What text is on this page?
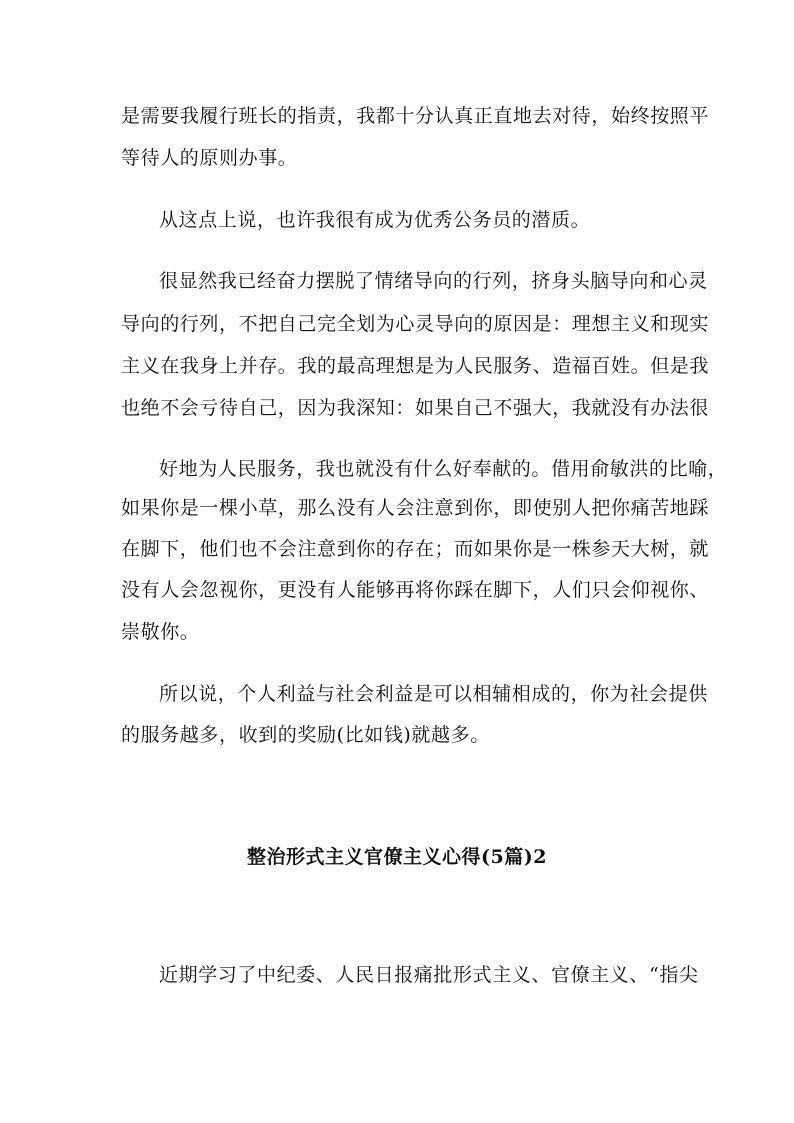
是需要我履行班长的指责，我都十分认真正直地去对待，始终按照平
等待人的原则办事。
从这点上说，也许我很有成为优秀公务员的潜质。
很显然我已经奋力摆脱了情绪导向的行列，挤身头脑导向和心灵
导向的行列，不把自己完全划为心灵导向的原因是：理想主义和现实
主义在我身上并存。我的最高理想是为人民服务、造福百姓。但是我
也绝不会亏待自己，因为我深知：如果自己不强大，我就没有办法很
好地为人民服务，我也就没有什么好奉献的。借用俞敏洪的比喻，
如果你是一棵小草，那么没有人会注意到你，即使别人把你痛苦地踩
在脚下，他们也不会注意到你的存在；而如果你是一株参天大树，就
没有人会忽视你，更没有人能够再将你踩在脚下，人们只会仰视你、
崇敬你。
所以说，个人利益与社会利益是可以相辅相成的，你为社会提供
的服务越多，收到的奖励(比如钱)就越多。
整治形式主义官僚主义心得(5篇)2
近期学习了中纪委、人民日报痛批形式主义、官僚主义、“指尖
